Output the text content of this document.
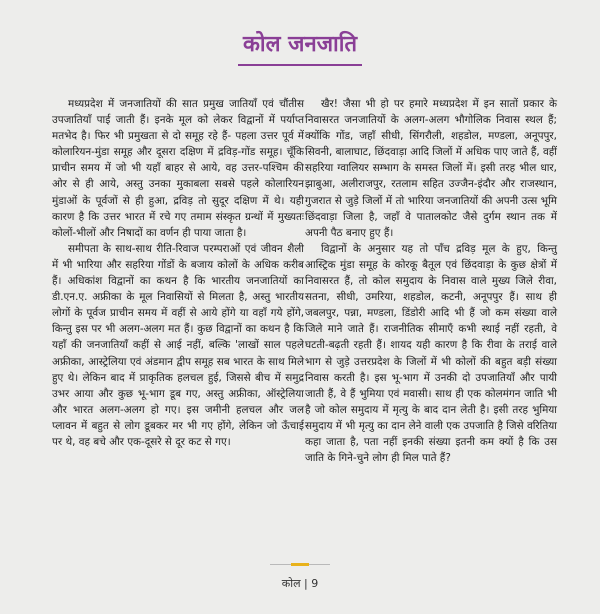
कोल जनजाति

मध्यप्रदेश में जनजातियों की सात प्रमुख जातियाँ एवं चौंतीस उपजातियाँ पाई जाती हैं। इनके मूल को लेकर विद्वानों में पर्याप्त मतभेद है। फिर भी प्रमुखता से दो समूह रहे हैं- पहला उत्तर पूर्व में कोलारियन-मुंडा समूह और दूसरा दक्षिण में द्रविड़-गोंड समूह। चूँकि प्राचीन समय में जो भी यहाँ बाहर से आये, वह उत्तर-पश्चिम की ओर से ही आये, अस्तु उनका मुकाबला सबसे पहले कोलारियन मुंडाओं के पूर्वजों से ही हुआ, द्रविड़ तो सुदूर दक्षिण में थे। यही कारण है कि उत्तर भारत में रचे गए तमाम संस्कृत ग्रन्थों में मुख्यतः कोलों-भीलों और निषादों का वर्णन ही पाया जाता है।

समीपता के साथ-साथ रीति-रिवाज परम्पराओं एवं जीवन शैली में भी भारिया और सहरिया गोंडों के बजाय कोलों के अधिक करीब हैं। अधिकांश विद्वानों का कथन है कि भारतीय जनजातियों का डी.एन.ए. अफ्रीका के मूल निवासियों से मिलता है, अस्तु भारतीय लोगों के पूर्वज प्राचीन समय में वहीं से आये होंगे या वहाँ गये होंगे, किन्तु इस पर भी अलग-अलग मत हैं। कुछ विद्वानों का कथन है कि यहाँ की जनजातियाँ कहीं से आई नहीं, बल्कि 'लाखों साल पहले अफ्रीका, आस्ट्रेलिया एवं अंडमान द्वीप समूह सब भारत के साथ मिले हुए थे। लेकिन बाद में प्राकृतिक हलचल हुई, जिससे बीच में समुद्र उभर आया और कुछ भू-भाग डूब गए, अस्तु अफ्रीका, ऑस्ट्रेलिया और भारत अलग-अलग हो गए। इस जमीनी हलचल और जल प्लावन में बहुत से लोग डूबकर मर भी गए होंगे, लेकिन जो ऊँचाई पर थे, वह बचे और एक-दूसरे से दूर कट से गए।

खैर! जैसा भी हो पर हमारे मध्यप्रदेश में इन सातों प्रकार के निवासरत जनजातियों के अलग-अलग भौगोलिक निवास स्थल हैं; क्योंकि गोंड, जहाँ सीधी, सिंगरौली, शहडोल, मण्डला, अनूपपुर, सिवनी, बालाघाट, छिंदवाड़ा आदि जिलों में अधिक पाए जाते हैं, वहीं सहरिया ग्वालियर सम्भाग के समस्त जिलों में। इसी तरह भील धार, झाबुआ, अलीराजपुर, रतलाम सहित उज्जैन-इंदौर और राजस्थान, गुजरात से जुड़े जिलों में तो भारिया जनजातियों की अपनी उत्स भूमि छिंदवाड़ा जिला है, जहाँ वे पातालकोट जैसे दुर्गम स्थान तक में अपनी पैठ बनाए हुए हैं।

विद्वानों के अनुसार यह तो पाँच द्रविड़ मूल के हुए, किन्तु आस्ट्रिक मुंडा समूह के कोरकू बैतूल एवं छिंदवाड़ा के कुछ क्षेत्रों में निवासरत हैं, तो कोल समुदाय के निवास वाले मुख्य जिले रीवा, सतना, सीधी, उमरिया, शहडोल, कटनी, अनूपपुर हैं। साथ ही जबलपुर, पन्ना, मण्डला, डिंडोरी आदि भी हैं जो कम संख्या वाले जिले माने जाते हैं। राजनीतिक सीमाएँ कभी स्थाई नहीं रहती, वे घटती-बढ़ती रहती हैं। शायद यही कारण है कि रीवा के तराई वाले भाग से जुड़े उत्तरप्रदेश के जिलों में भी कोलों की बहुत बड़ी संख्या निवास करती है। इस भू-भाग में उनकी दो उपजातियाँ और पायी जाती हैं, वे हैं भुमिया एवं मवासी। साथ ही एक कोलमंगन जाति भी है जो कोल समुदाय में मृत्यु के बाद दान लेती है। इसी तरह भुमिया समुदाय में भी मृत्यु का दान लेने वाली एक उपजाति है जिसे वरितिया कहा जाता है, पता नहीं इनकी संख्या इतनी कम क्यों है कि उस जाति के गिने-चुने लोग ही मिल पाते हैं?

कोल | 9
